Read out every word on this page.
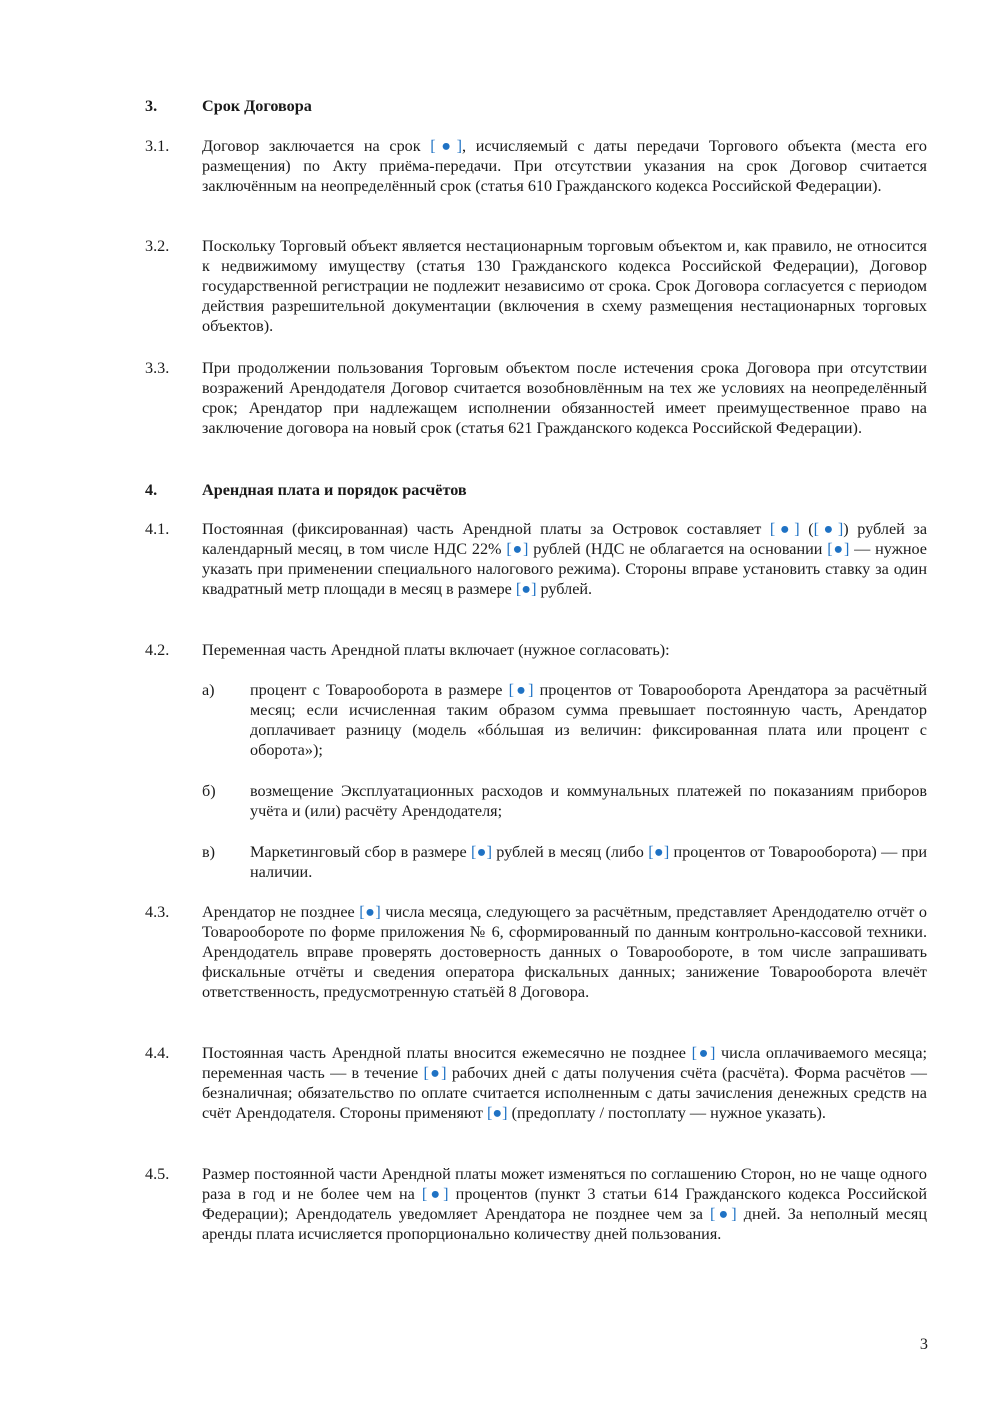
3.	Срок Договора
3.1. Договор заключается на срок [●], исчисляемый с даты передачи Торгового объекта (места его размещения) по Акту приёма-передачи. При отсутствии указания на срок Договор считается заключённым на неопределённый срок (статья 610 Гражданского кодекса Российской Федерации).
3.2. Поскольку Торговый объект является нестационарным торговым объектом и, как правило, не относится к недвижимому имуществу (статья 130 Гражданского кодекса Российской Федерации), Договор государственной регистрации не подлежит независимо от срока. Срок Договора согласуется с периодом действия разрешительной документации (включения в схему размещения нестационарных торговых объектов).
3.3. При продолжении пользования Торговым объектом после истечения срока Договора при отсутствии возражений Арендодателя Договор считается возобновлённым на тех же условиях на неопределённый срок; Арендатор при надлежащем исполнении обязанностей имеет преимущественное право на заключение договора на новый срок (статья 621 Гражданского кодекса Российской Федерации).
4.	Арендная плата и порядок расчётов
4.1. Постоянная (фиксированная) часть Арендной платы за Островок составляет [●] ([●]) рублей за календарный месяц, в том числе НДС 22% [●] рублей (НДС не облагается на основании [●] — нужное указать при применении специального налогового режима). Стороны вправе установить ставку за один квадратный метр площади в месяц в размере [●] рублей.
4.2. Переменная часть Арендной платы включает (нужное согласовать):
а) процент с Товарооборота в размере [●] процентов от Товарооборота Арендатора за расчётный месяц; если исчисленная таким образом сумма превышает постоянную часть, Арендатор доплачивает разницу (модель «бóльшая из величин: фиксированная плата или процент с оборота»);
б) возмещение Эксплуатационных расходов и коммунальных платежей по показаниям приборов учёта и (или) расчёту Арендодателя;
в) Маркетинговый сбор в размере [●] рублей в месяц (либо [●] процентов от Товарооборота) — при наличии.
4.3. Арендатор не позднее [●] числа месяца, следующего за расчётным, представляет Арендодателю отчёт о Товарообороте по форме приложения № 6, сформированный по данным контрольно-кассовой техники. Арендодатель вправе проверять достоверность данных о Товарообороте, в том числе запрашивать фискальные отчёты и сведения оператора фискальных данных; занижение Товарооборота влечёт ответственность, предусмотренную статьёй 8 Договора.
4.4. Постоянная часть Арендной платы вносится ежемесячно не позднее [●] числа оплачиваемого месяца; переменная часть — в течение [●] рабочих дней с даты получения счёта (расчёта). Форма расчётов — безналичная; обязательство по оплате считается исполненным с даты зачисления денежных средств на счёт Арендодателя. Стороны применяют [●] (предоплату / постоплату — нужное указать).
4.5. Размер постоянной части Арендной платы может изменяться по соглашению Сторон, но не чаще одного раза в год и не более чем на [●] процентов (пункт 3 статьи 614 Гражданского кодекса Российской Федерации); Арендодатель уведомляет Арендатора не позднее чем за [●] дней. За неполный месяц аренды плата исчисляется пропорционально количеству дней пользования.
3
